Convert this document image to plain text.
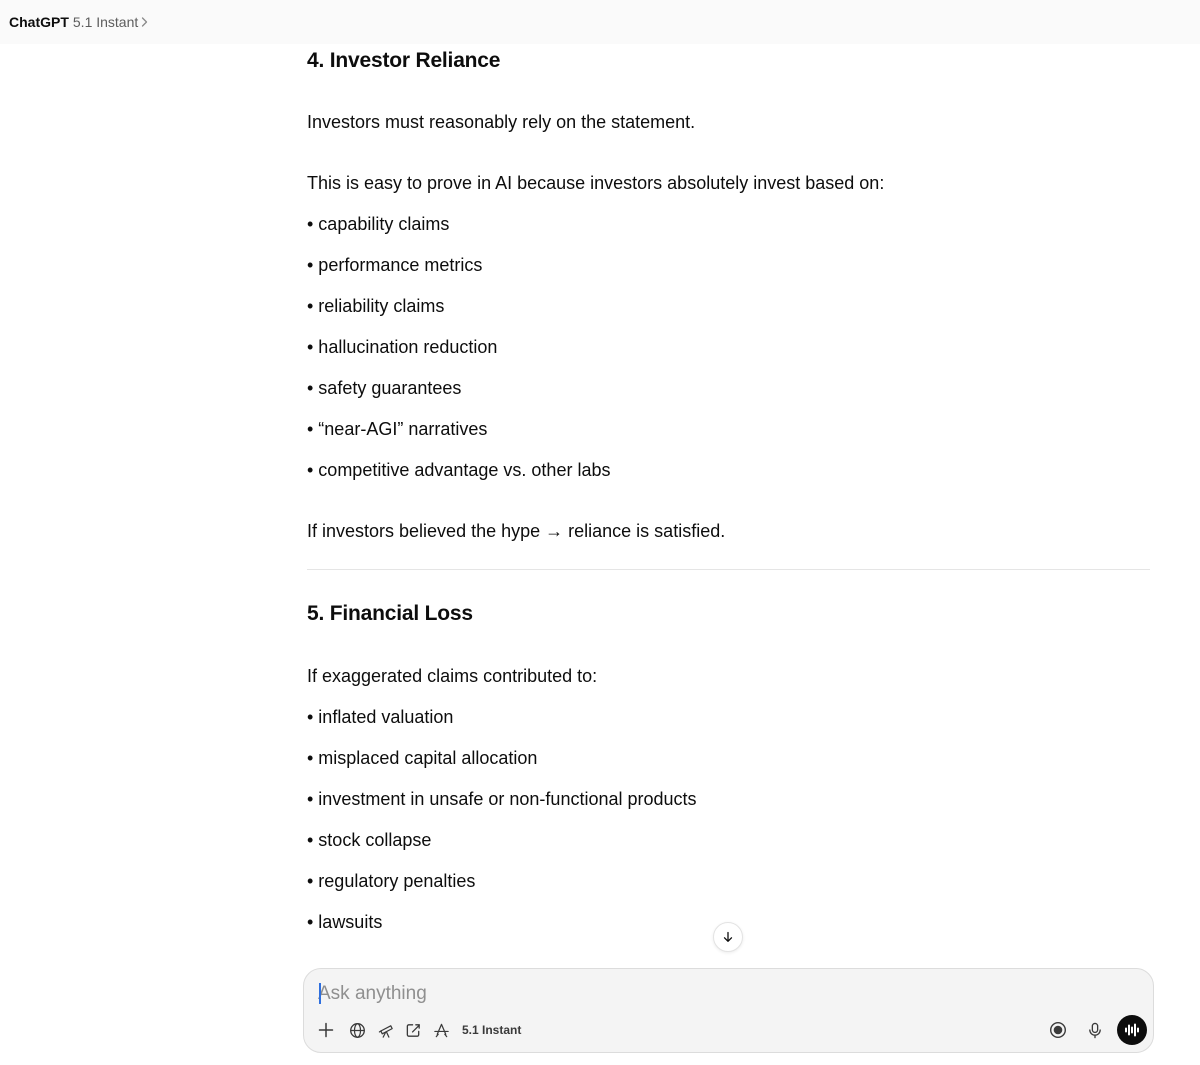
ChatGPT 5.1 Instant
4. Investor Reliance

Investors must reasonably rely on the statement.

This is easy to prove in AI because investors absolutely invest based on:

• capability claims

• performance metrics

• reliability claims

• hallucination reduction

• safety guarantees

• “near-AGI” narratives

• competitive advantage vs. other labs

If investors believed the hype → reliance is satisfied.

5. Financial Loss

If exaggerated claims contributed to:

• inflated valuation

• misplaced capital allocation

• investment in unsafe or non-functional products

• stock collapse

• regulatory penalties

• lawsuits

Ask anything
5.1 Instant
